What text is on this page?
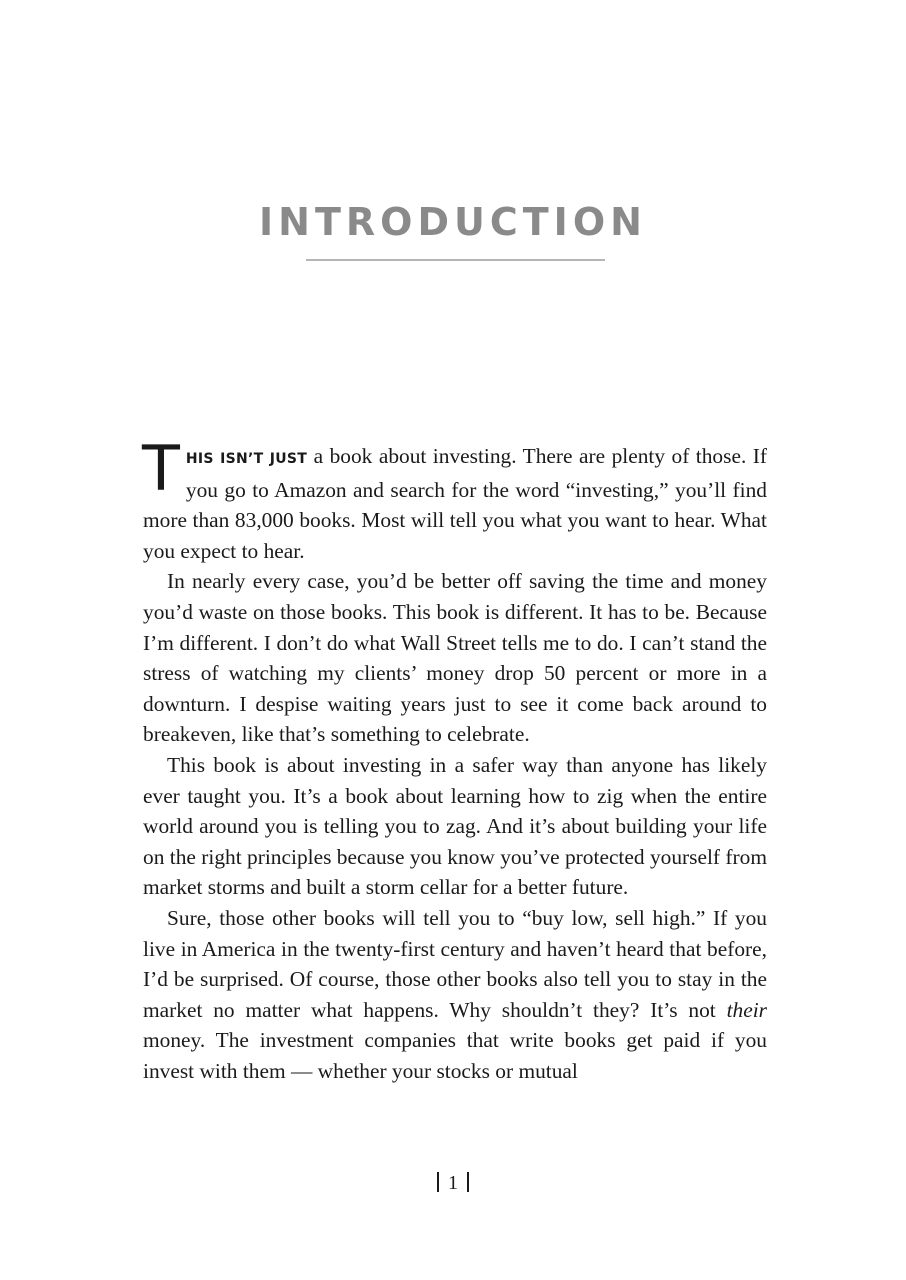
INTRODUCTION

THIS ISN’T JUST a book about investing. There are plenty of those. If you go to Amazon and search for the word “investing,” you’ll find more than 83,000 books. Most will tell you what you want to hear. What you expect to hear.

In nearly every case, you’d be better off saving the time and money you’d waste on those books. This book is different. It has to be. Because I’m different. I don’t do what Wall Street tells me to do. I can’t stand the stress of watching my clients’ money drop 50 percent or more in a downturn. I despise waiting years just to see it come back around to breakeven, like that’s something to celebrate.

This book is about investing in a safer way than anyone has likely ever taught you. It’s a book about learning how to zig when the entire world around you is telling you to zag. And it’s about building your life on the right principles because you know you’ve protected yourself from market storms and built a storm cellar for a better future.

Sure, those other books will tell you to “buy low, sell high.” If you live in America in the twenty-first century and haven’t heard that before, I’d be surprised. Of course, those other books also tell you to stay in the market no matter what happens. Why shouldn’t they? It’s not their money. The investment companies that write books get paid if you invest with them — whether your stocks or mutual

1
